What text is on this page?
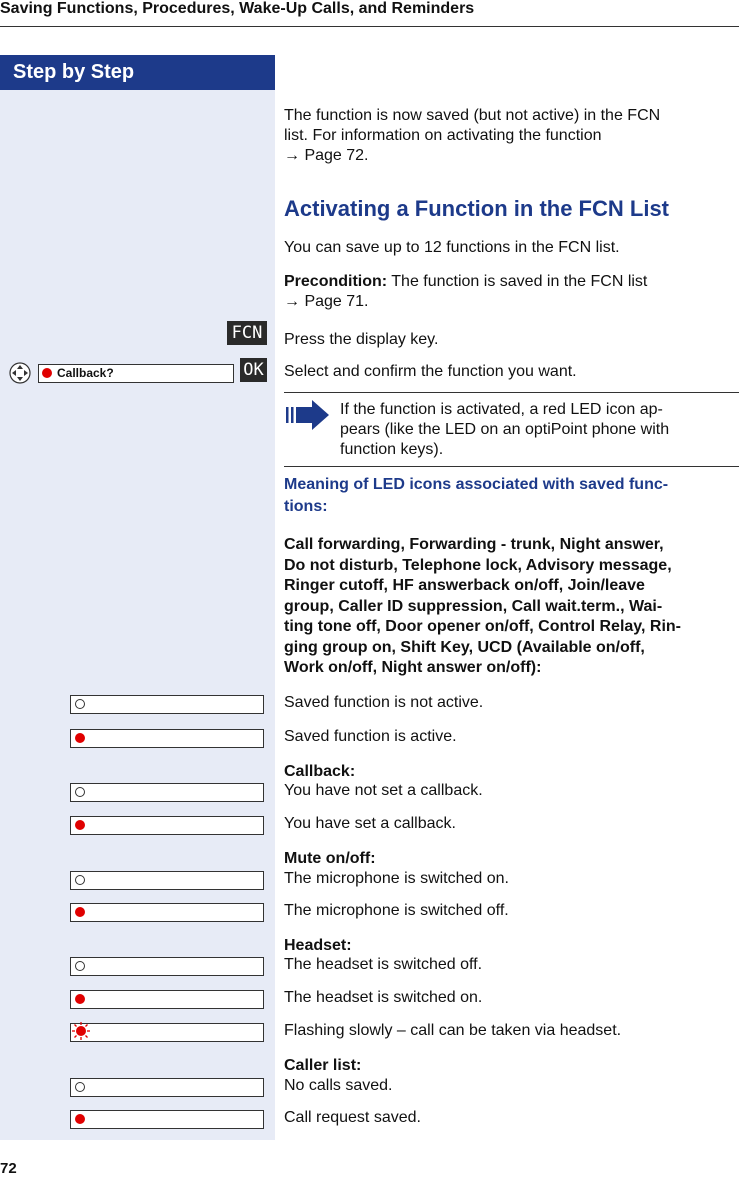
Saving Functions, Procedures, Wake-Up Calls, and Reminders
Step by Step
The function is now saved (but not active) in the FCN
list. For information on activating the function
→ Page 72.
Activating a Function in the FCN List
You can save up to 12 functions in the FCN list.
Precondition: The function is saved in the FCN list
→ Page 71.
FCN Press the display key.
Callback?	OK Select and confirm the function you want.
If the function is activated, a red LED icon ap-
pears (like the LED on an optiPoint phone with
function keys).
Meaning of LED icons associated with saved func-
tions:
Call forwarding, Forwarding - trunk, Night answer,
Do not disturb, Telephone lock, Advisory message,
Ringer cutoff, HF answerback on/off, Join/leave
group, Caller ID suppression, Call wait.term., Wai-
ting tone off, Door opener on/off, Control Relay, Rin-
ging group on, Shift Key, UCD (Available on/off,
Work on/off, Night answer on/off):
Saved function is not active.
Saved function is active.
Callback:
You have not set a callback.
You have set a callback.
Mute on/off:
The microphone is switched on.
The microphone is switched off.
Headset:
The headset is switched off.
The headset is switched on.
Flashing slowly – call can be taken via headset.
Caller list:
No calls saved.
Call request saved.
72
